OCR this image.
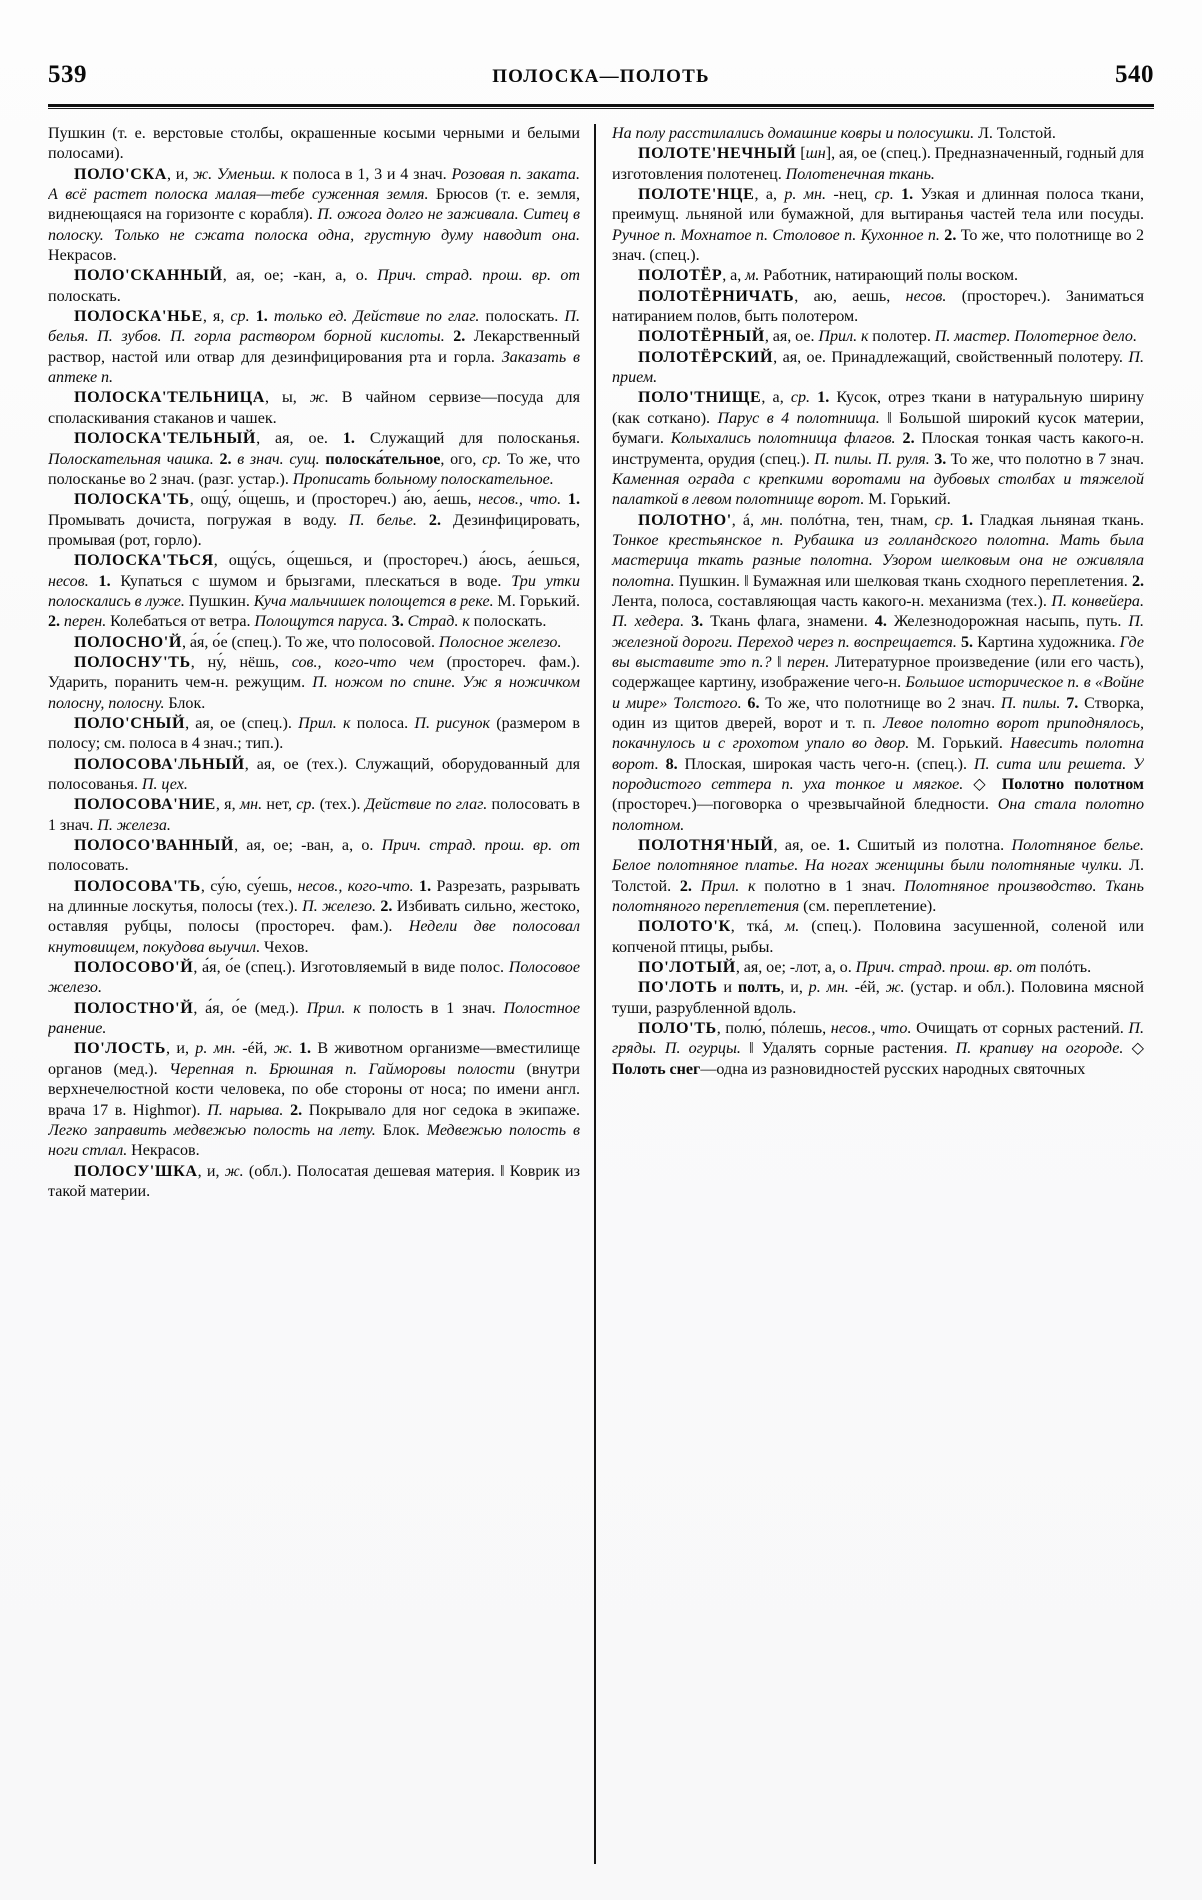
539	ПОЛОСКА—ПОЛОТЬ	540

Пушкин (т. е. верстовые столбы, окрашенные косыми черными и белыми полосами).

ПОЛО'СКА, и, ж. Уменьш. к полоса в 1, 3 и 4 знач. Розовая п. заката. А всё растет полоска малая—тебе суженная земля. Брюсов (т. е. земля, виднеющаяся на горизонте с корабля). П. ожога долго не заживала. Ситец в полоску. Только не сжата полоска одна, грустную думу наводит она. Некрасов.

ПОЛО'СКАННЫЙ, ая, ое; -кан, а, о. Прич. страд. прош. вр. от полоскать.

ПОЛОСКА'НЬЕ, я, ср. 1. только ед. Действие по глаг. полоскать. П. белья. П. зубов. П. горла раствором борной кислоты. 2. Лекарственный раствор, настой или отвар для дезинфицирования рта и горла. Заказать в аптеке п.

ПОЛОСКА'ТЕЛЬНИЦА, ы, ж. В чайном сервизе—посуда для споласкивания стаканов и чашек.

ПОЛОСКА'ТЕЛЬНЫЙ, ая, ое. 1. Служащий для полосканья. Полоскательная чашка. 2. в знач. сущ. полоска́тельное, ого, ср. То же, что полосканье во 2 знач. (разг. устар.). Прописать больному полоскательное.

ПОЛОСКА'ТЬ, ощу́, о́щешь, и (простореч.) а́ю, а́ешь, несов., что. 1. Промывать дочиста, погружая в воду. П. белье. 2. Дезинфицировать, промывая (рот, горло).

ПОЛОСКА'ТЬСЯ, ощу́сь, о́щешься, и (простореч.) а́юсь, а́ешься, несов. 1. Купаться с шумом и брызгами, плескаться в воде. Три утки полоскались в луже. Пушкин. Куча мальчишек полощется в реке. М. Горький. 2. перен. Колебаться от ветра. Полощутся паруса. 3. Страд. к полоскать.

ПОЛОСНО'Й, а́я, о́е (спец.). То же, что полосовой. Полосное железо.

ПОЛОСНУ'ТЬ, ну́, нёшь, сов., кого-что чем (простореч. фам.). Ударить, поранить чем-н. режущим. П. ножом по спине. Уж я ножичком полосну, полосну. Блок.

ПОЛО'СНЫЙ, ая, ое (спец.). Прил. к полоса. П. рисунок (размером в полосу; см. полоса в 4 знач.; тип.).

ПОЛОСОВА'ЛЬНЫЙ, ая, ое (тех.). Служащий, оборудованный для полосованья. П. цех.

ПОЛОСОВА'НИЕ, я, мн. нет, ср. (тех.). Действие по глаг. полосовать в 1 знач. П. железа.

ПОЛОСО'ВАННЫЙ, ая, ое; -ван, а, о. Прич. страд. прош. вр. от полосовать.

ПОЛОСОВА'ТЬ, су́ю, су́ешь, несов., кого-что. 1. Разрезать, разрывать на длинные лоскутья, полосы (тех.). П. железо. 2. Избивать сильно, жестоко, оставляя рубцы, полосы (простореч. фам.). Недели две полосовал кнутовищем, покудова выучил. Чехов.

ПОЛОСОВО'Й, а́я, о́е (спец.). Изготовляемый в виде полос. Полосовое железо.

ПОЛОСТНО'Й, а́я, о́е (мед.). Прил. к полость в 1 знач. Полостное ранение.

ПО'ЛОСТЬ, и, р. мн. -éй, ж. 1. В животном организме—вместилище органов (мед.). Черепная п. Брюшная п. Гайморовы полости (внутри верхнечелюстной кости человека, по обе стороны от носа; по имени англ. врача 17 в. Highmor). П. нарыва. 2. Покрывало для ног седока в экипаже. Легко заправить медвежью полость на лету. Блок. Медвежью полость в ноги стлал. Некрасов.

ПОЛОСУ'ШКА, и, ж. (обл.). Полосатая дешевая материя. ‖ Коврик из такой материи.

На полу расстилались домашние ковры и полосушки. Л. Толстой.

ПОЛОТЕ'НЕЧНЫЙ [шн], ая, ое (спец.). Предназначенный, годный для изготовления полотенец. Полотенечная ткань.

ПОЛОТЕ'НЦЕ, а, р. мн. -нец, ср. 1. Узкая и длинная полоса ткани, преимущ. льняной или бумажной, для вытиранья частей тела или посуды. Ручное п. Мохнатое п. Столовое п. Кухонное п. 2. То же, что полотнище во 2 знач. (спец.).

ПОЛОТЁР, а, м. Работник, натирающий полы воском.

ПОЛОТЁРНИЧАТЬ, аю, аешь, несов. (простореч.). Заниматься натиранием полов, быть полотером.

ПОЛОТЁРНЫЙ, ая, ое. Прил. к полотер. П. мастер. Полотерное дело.

ПОЛОТЁРСКИЙ, ая, ое. Принадлежащий, свойственный полотеру. П. прием.

ПОЛО'ТНИЩЕ, а, ср. 1. Кусок, отрез ткани в натуральную ширину (как соткано). Парус в 4 полотнища. ‖ Большой широкий кусок материи, бумаги. Колыхались полотнища флагов. 2. Плоская тонкая часть какого-н. инструмента, орудия (спец.). П. пилы. П. руля. 3. То же, что полотно в 7 знач. Каменная ограда с крепкими воротами на дубовых столбах и тяжелой палаткой в левом полотнище ворот. М. Горький.

ПОЛОТНО', á, мн. полóтна, тен, тнам, ср. 1. Гладкая льняная ткань. Тонкое крестьянское п. Рубашка из голландского полотна. Мать была мастерица ткать разные полотна. Узором шелковым она не оживляла полотна. Пушкин. ‖ Бумажная или шелковая ткань сходного переплетения. 2. Лента, полоса, составляющая часть какого-н. механизма (тех.). П. конвейера. П. хедера. 3. Ткань флага, знамени. 4. Железнодорожная насыпь, путь. П. железной дороги. Переход через п. воспрещается. 5. Картина художника. Где вы выставите это п.? ‖ перен. Литературное произведение (или его часть), содержащее картину, изображение чего-н. Большое историческое п. в «Войне и мире» Толстого. 6. То же, что полотнище во 2 знач. П. пилы. 7. Створка, один из щитов дверей, ворот и т. п. Левое полотно ворот приподнялось, покачнулось и с грохотом упало во двор. М. Горький. Навесить полотна ворот. 8. Плоская, широкая часть чего-н. (спец.). П. сита или решета. У породистого сеттера п. уха тонкое и мягкое. ◇ Полотно полотном (простореч.)—поговорка о чрезвычайной бледности. Она стала полотно полотном.

ПОЛОТНЯ'НЫЙ, ая, ое. 1. Сшитый из полотна. Полотняное белье. Белое полотняное платье. На ногах женщины были полотняные чулки. Л. Толстой. 2. Прил. к полотно в 1 знач. Полотняное производство. Ткань полотняного переплетения (см. переплетение).

ПОЛОТО'К, ткá, м. (спец.). Половина засушенной, соленой или копченой птицы, рыбы.

ПО'ЛОТЫЙ, ая, ое; -лот, а, о. Прич. страд. прош. вр. от полóть.

ПО'ЛОТЬ и полть, и, р. мн. -éй, ж. (устар. и обл.). Половина мясной туши, разрубленной вдоль.

ПОЛО'ТЬ, полю́, пóлешь, несов., что. Очищать от сорных растений. П. гряды. П. огурцы. ‖ Удалять сорные растения. П. крапиву на огороде. ◇ Полоть снег—одна из разновидностей русских народных святочных
